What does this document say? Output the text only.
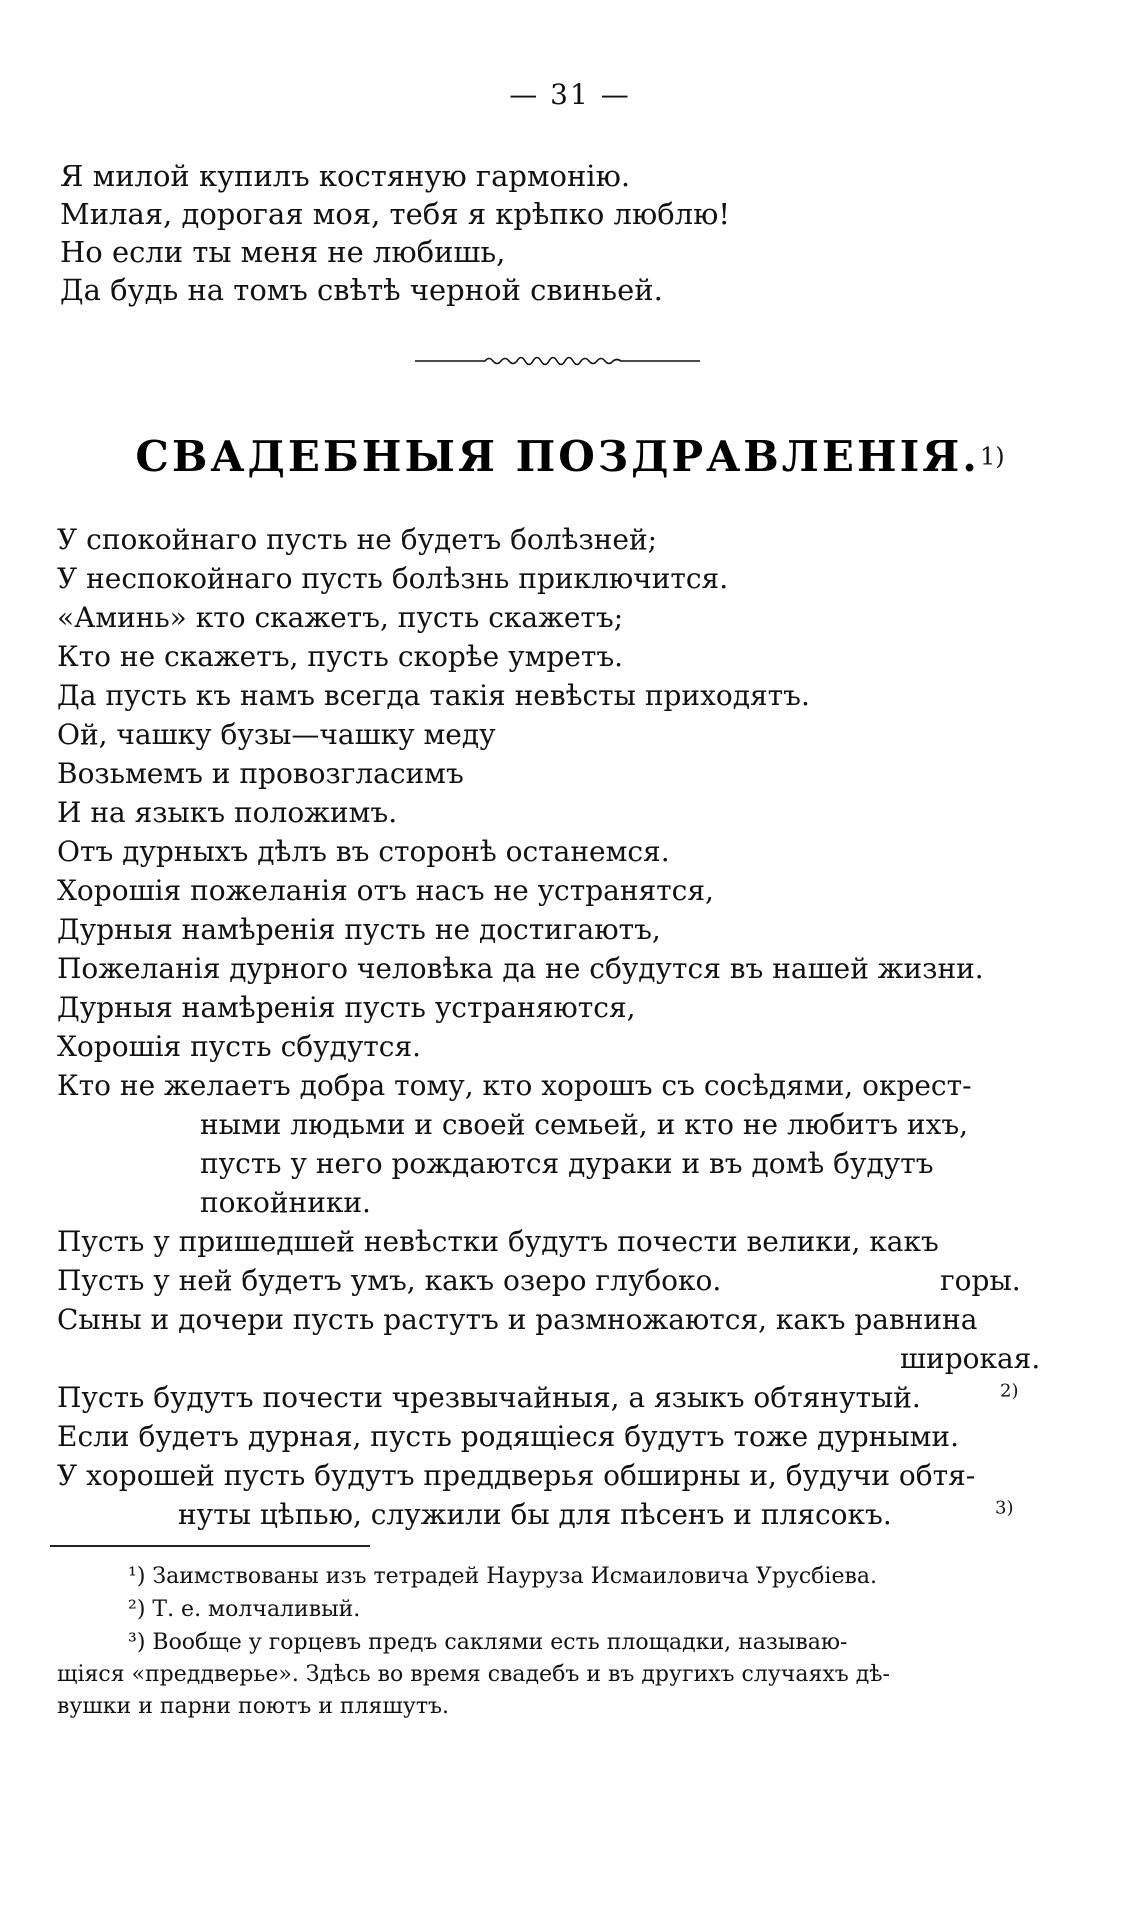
— 31 —
Я милой купилъ костяную гармонію.
Милая, дорогая моя, тебя я крѣпко люблю!
Но если ты меня не любишь,
Да будь на томъ свѣтѣ черной свиньей.
СВАДЕБНЫЯ ПОЗДРАВЛЕНІЯ.1)
У спокойнаго пусть не будетъ болѣзней;
У неспокойнаго пусть болѣзнь приключится.
«Аминь» кто скажетъ, пусть скажетъ;
Кто не скажетъ, пусть скорѣе умретъ.
Да пусть къ намъ всегда такія невѣсты приходятъ.
Ой, чашку бузы—чашку меду
Возьмемъ и провозгласимъ
И на языкъ положимъ.
Отъ дурныхъ дѣлъ въ сторонѣ останемся.
Хорошія пожеланія отъ насъ не устранятся,
Дурныя намѣренія пусть не достигаютъ,
Пожеланія дурного человѣка да не сбудутся въ нашей жизни.
Дурныя намѣренія пусть устраняются,
Хорошія пусть сбудутся.
Кто не желаетъ добра тому, кто хорошъ съ сосѣдями, окрест-
ными людьми и своей семьей, и кто не любитъ ихъ,
пусть у него рождаются дураки и въ домѣ будутъ
покойники.
Пусть у пришедшей невѣстки будутъ почести велики, какъ
Пусть у ней будетъ умъ, какъ озеро глубоко.	горы.
Сыны и дочери пусть растутъ и размножаются, какъ равнина
широкая.
Пусть будутъ почести чрезвычайныя, а языкъ обтянутый.	$^{2)}$
Если будетъ дурная, пусть родящіеся будутъ тоже дурными.
У хорошей пусть будутъ преддверья обширны и, будучи обтя-
нуты цѣпью, служили бы для пѣсенъ и плясокъ.	$^{3)}$
¹) Заимствованы изъ тетрадей Науруза Исмаиловича Урусбіева.
²) Т. е. молчаливый.
³) Вообще у горцевъ предъ саклями есть площадки, называю-
щіяся «преддверье». Здѣсь во время свадебъ и въ другихъ случаяхъ дѣ-
вушки и парни поютъ и пляшутъ.
